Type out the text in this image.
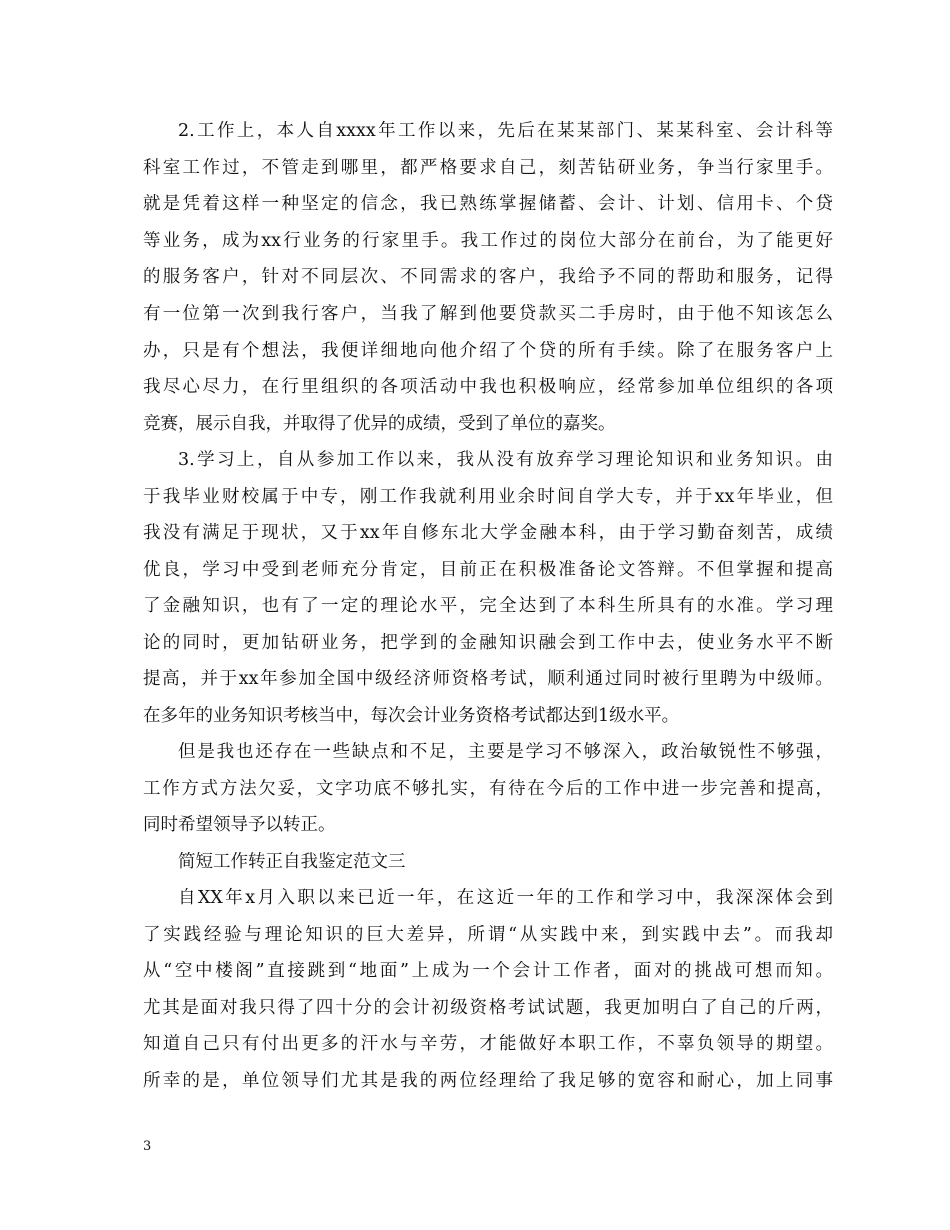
2.工作上，本人自xxxx年工作以来，先后在某某部门、某某科室、会计科等
科室工作过，不管走到哪里，都严格要求自己，刻苦钻研业务，争当行家里手。
就是凭着这样一种坚定的信念，我已熟练掌握储蓄、会计、计划、信用卡、个贷
等业务，成为xx行业务的行家里手。我工作过的岗位大部分在前台，为了能更好
的服务客户，针对不同层次、不同需求的客户，我给予不同的帮助和服务，记得
有一位第一次到我行客户，当我了解到他要贷款买二手房时，由于他不知该怎么
办，只是有个想法，我便详细地向他介绍了个贷的所有手续。除了在服务客户上
我尽心尽力，在行里组织的各项活动中我也积极响应，经常参加单位组织的各项
竞赛，展示自我，并取得了优异的成绩，受到了单位的嘉奖。
3.学习上，自从参加工作以来，我从没有放弃学习理论知识和业务知识。由
于我毕业财校属于中专，刚工作我就利用业余时间自学大专，并于xx年毕业，但
我没有满足于现状，又于xx年自修东北大学金融本科，由于学习勤奋刻苦，成绩
优良，学习中受到老师充分肯定，目前正在积极准备论文答辩。不但掌握和提高
了金融知识，也有了一定的理论水平，完全达到了本科生所具有的水准。学习理
论的同时，更加钻研业务，把学到的金融知识融会到工作中去，使业务水平不断
提高，并于xx年参加全国中级经济师资格考试，顺利通过同时被行里聘为中级师。
在多年的业务知识考核当中，每次会计业务资格考试都达到1级水平。
但是我也还存在一些缺点和不足，主要是学习不够深入，政治敏锐性不够强，
工作方式方法欠妥，文字功底不够扎实，有待在今后的工作中进一步完善和提高，
同时希望领导予以转正。
简短工作转正自我鉴定范文三
自XX年x月入职以来已近一年，在这近一年的工作和学习中，我深深体会到
了实践经验与理论知识的巨大差异，所谓“从实践中来，到实践中去”。而我却
从“空中楼阁”直接跳到“地面”上成为一个会计工作者，面对的挑战可想而知。
尤其是面对我只得了四十分的会计初级资格考试试题，我更加明白了自己的斤两，
知道自己只有付出更多的汗水与辛劳，才能做好本职工作，不辜负领导的期望。
所幸的是，单位领导们尤其是我的两位经理给了我足够的宽容和耐心，加上同事
3
